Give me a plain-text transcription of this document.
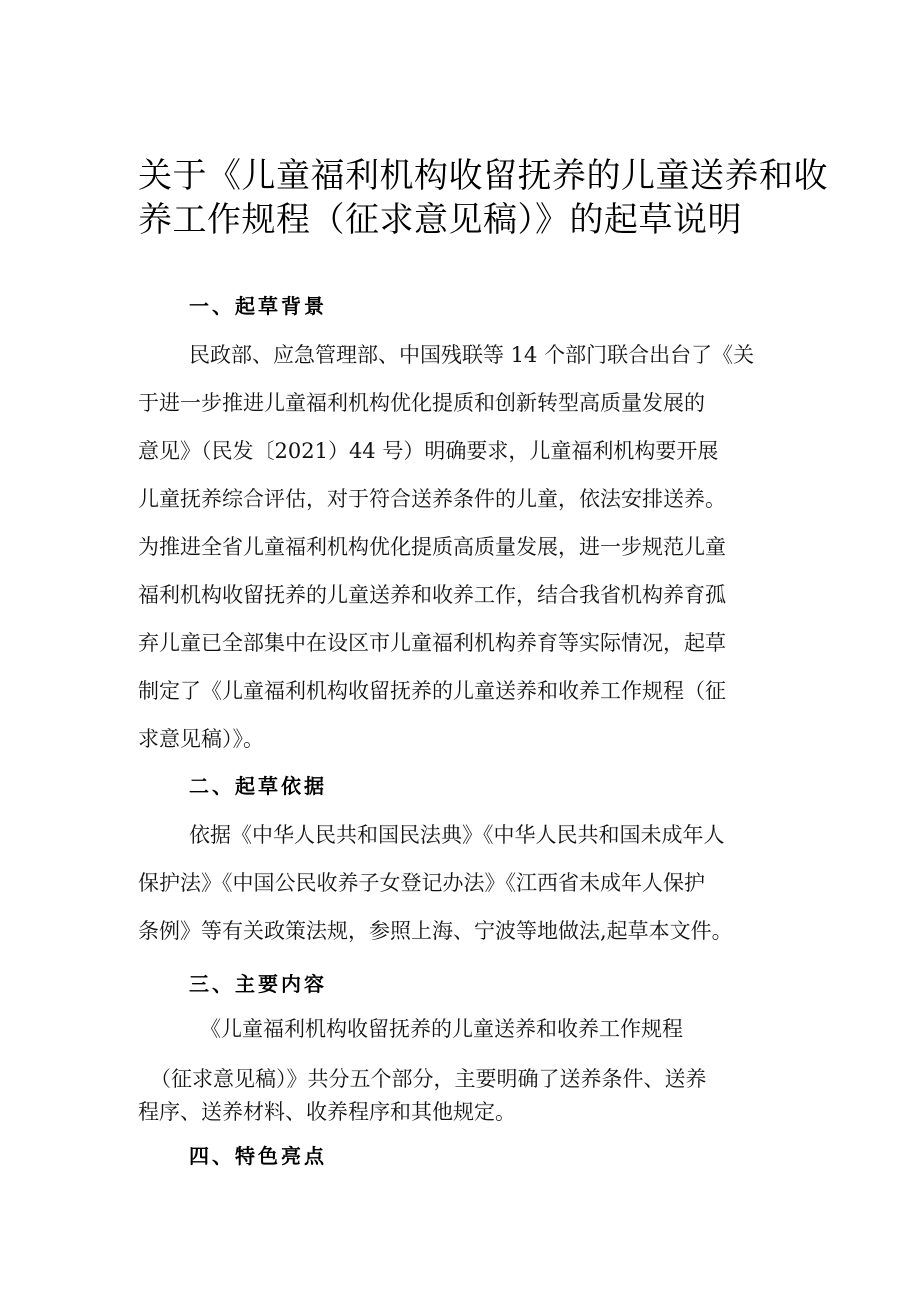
关于《儿童福利机构收留抚养的儿童送养和收
养工作规程（征求意见稿）》的起草说明
一、起草背景
民政部、应急管理部、中国残联等 14 个部门联合出台了《关
于进一步推进儿童福利机构优化提质和创新转型高质量发展的
意见》（民发〔2021）44 号）明确要求，儿童福利机构要开展
儿童抚养综合评估，对于符合送养条件的儿童，依法安排送养。
为推进全省儿童福利机构优化提质高质量发展，进一步规范儿童
福利机构收留抚养的儿童送养和收养工作，结合我省机构养育孤
弃儿童已全部集中在设区市儿童福利机构养育等实际情况，起草
制定了《儿童福利机构收留抚养的儿童送养和收养工作规程（征
求意见稿）》。
二、起草依据
依据《中华人民共和国民法典》《中华人民共和国未成年人
保护法》《中国公民收养子女登记办法》《江西省未成年人保护
条例》等有关政策法规，参照上海、宁波等地做法,起草本文件。
三、主要内容
《儿童福利机构收留抚养的儿童送养和收养工作规程
（征求意见稿）》共分五个部分，主要明确了送养条件、送养
程序、送养材料、收养程序和其他规定。
四、特色亮点
